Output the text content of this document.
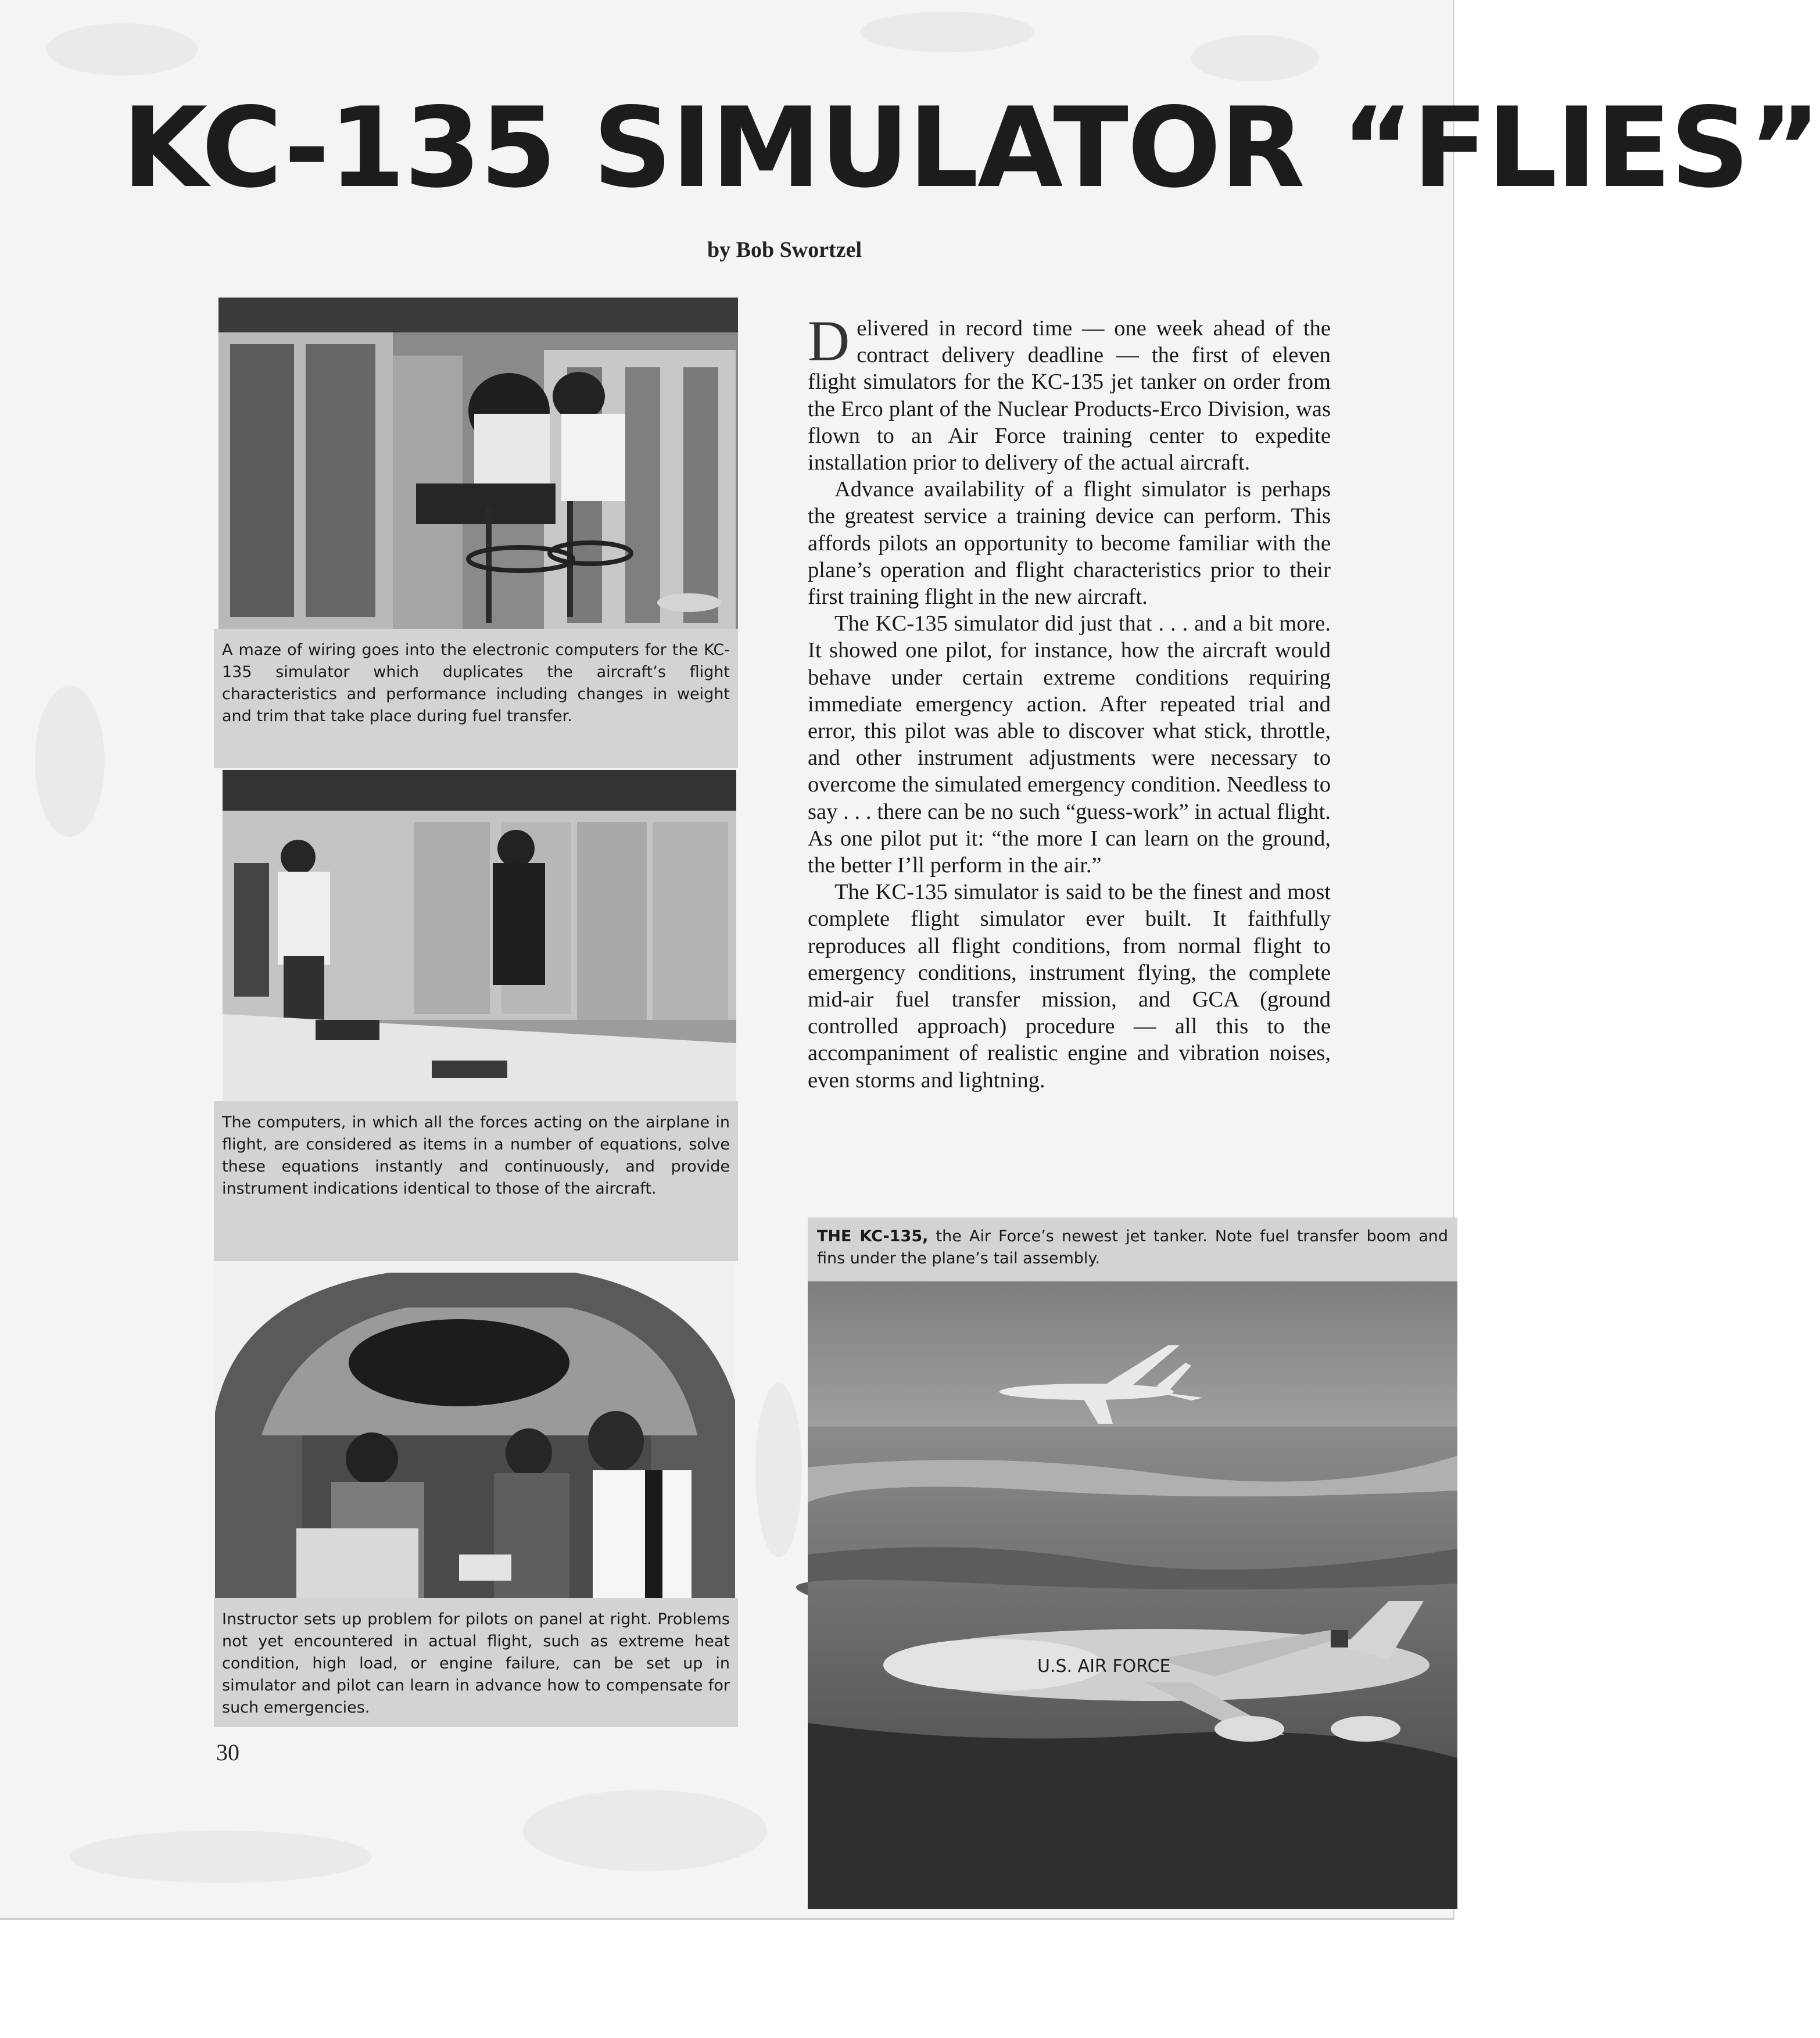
KC-135 SIMULATOR “FLIES”
by Bob Swortzel
A maze of wiring goes into the electronic computers for the KC-135 simulator which duplicates the aircraft’s flight characteristics and performance including changes in weight and trim that take place during fuel transfer.
The computers, in which all the forces acting on the airplane in flight, are considered as items in a number of equations, solve these equations instantly and continuously, and provide instrument indications identical to those of the aircraft.
Instructor sets up problem for pilots on panel at right. Problems not yet encountered in actual flight, such as extreme heat condition, high load, or engine failure, can be set up in simulator and pilot can learn in advance how to compensate for such emergencies.
30

Delivered in record time — one week ahead of the contract delivery deadline — the first of eleven flight simulators for the KC-135 jet tanker on order from the Erco plant of the Nuclear Products-Erco Division, was flown to an Air Force training center to expedite installation prior to delivery of the actual aircraft.

Advance availability of a flight simulator is perhaps the greatest service a training device can perform. This affords pilots an opportunity to become familiar with the plane’s operation and flight characteristics prior to their first training flight in the new aircraft.

The KC-135 simulator did just that . . . and a bit more. It showed one pilot, for instance, how the aircraft would behave under certain extreme conditions requiring immediate emergency action. After repeated trial and error, this pilot was able to discover what stick, throttle, and other instrument adjustments were necessary to overcome the simulated emergency condition. Needless to say . . . there can be no such “guess-work” in actual flight. As one pilot put it: “the more I can learn on the ground, the better I’ll perform in the air.”

The KC-135 simulator is said to be the finest and most complete flight simulator ever built. It faithfully reproduces all flight conditions, from normal flight to emergency conditions, instrument flying, the complete mid-air fuel transfer mission, and GCA (ground controlled approach) procedure — all this to the accompaniment of realistic engine and vibration noises, even storms and lightning.

THE KC-135, the Air Force’s newest jet tanker. Note fuel transfer boom and fins under the plane’s tail assembly.
U.S. AIR FORCE
